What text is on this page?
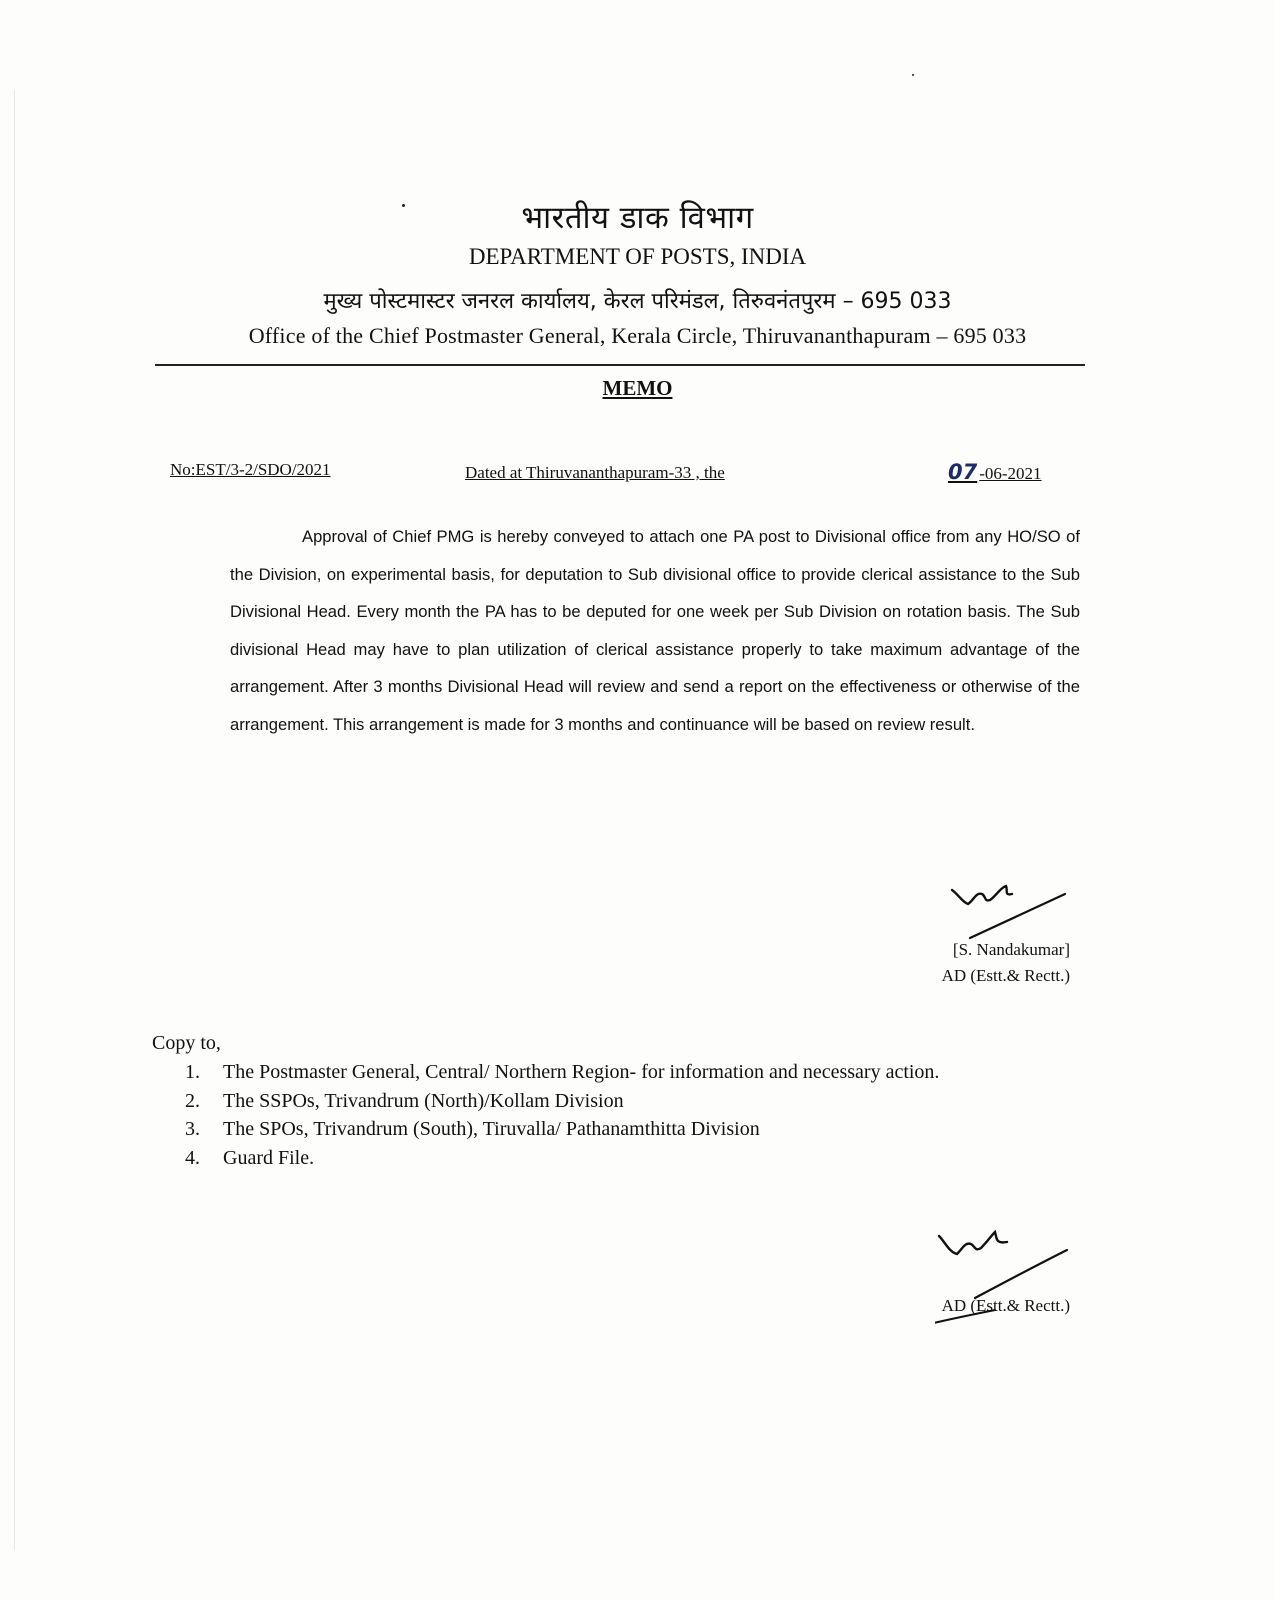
भारतीय डाक विभाग
DEPARTMENT OF POSTS, INDIA
मुख्य पोस्टमास्टर जनरल कार्यालय, केरल परिमंडल, तिरुवनंतपुरम – 695 033
Office of the Chief Postmaster General, Kerala Circle, Thiruvananthapuram – 695 033
MEMO
No:EST/3-2/SDO/2021	Dated at Thiruvananthapuram-33 , the	07 -06-2021

Approval of Chief PMG is hereby conveyed to attach one PA post to Divisional office from any HO/SO of the Division, on experimental basis, for deputation to Sub divisional office to provide clerical assistance to the Sub Divisional Head. Every month the PA has to be deputed for one week per Sub Division on rotation basis. The Sub divisional Head may have to plan utilization of clerical assistance properly to take maximum advantage of the arrangement. After 3 months Divisional Head will review and send a report on the effectiveness or otherwise of the arrangement. This arrangement is made for 3 months and continuance will be based on review result.

[S. Nandakumar]
AD (Estt.& Rectt.)
Copy to,
1. The Postmaster General, Central/ Northern Region- for information and necessary action.
2. The SSPOs, Trivandrum (North)/Kollam Division
3. The SPOs, Trivandrum (South), Tiruvalla/ Pathanamthitta Division
4. Guard File.
AD (Estt.& Rectt.)
